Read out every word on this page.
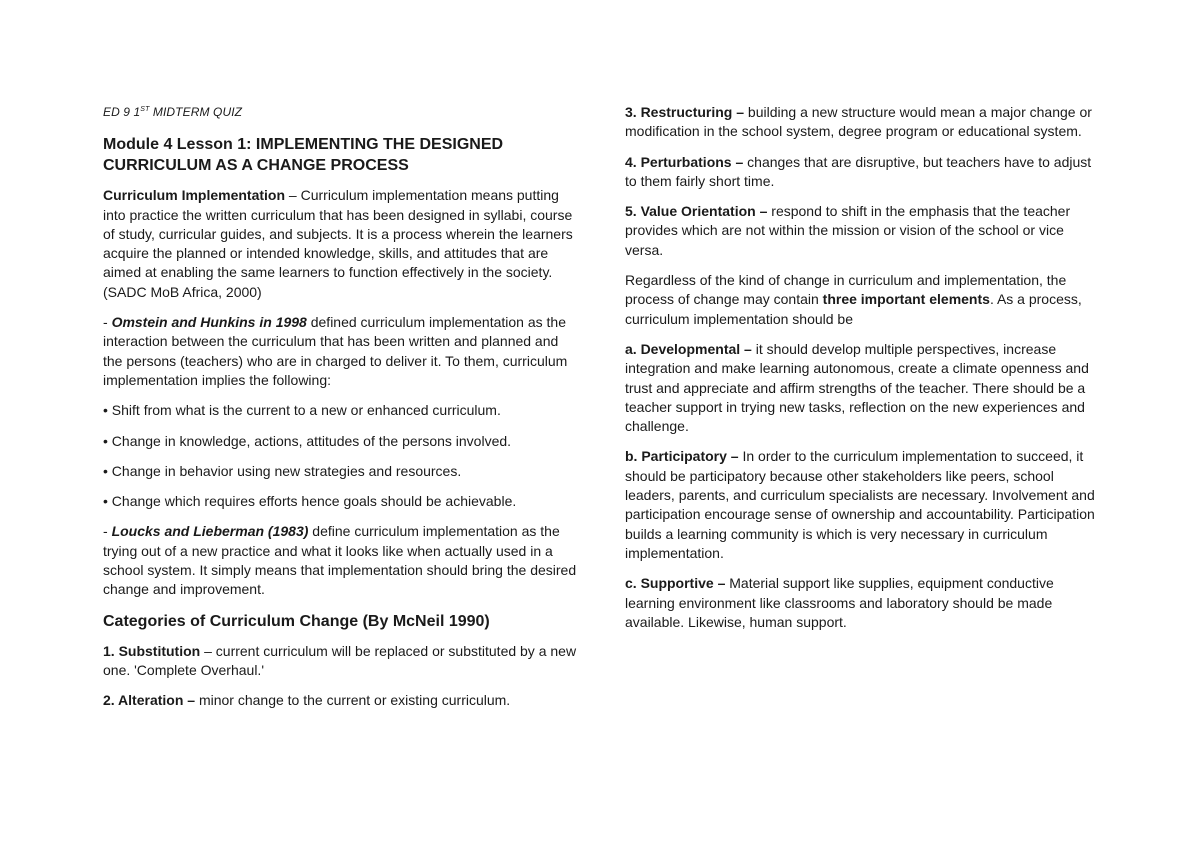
ED 9 1ST MIDTERM QUIZ
Module 4 Lesson 1: IMPLEMENTING THE DESIGNED CURRICULUM AS A CHANGE PROCESS

Curriculum Implementation – Curriculum implementation means putting into practice the written curriculum that has been designed in syllabi, course of study, curricular guides, and subjects. It is a process wherein the learners acquire the planned or intended knowledge, skills, and attitudes that are aimed at enabling the same learners to function effectively in the society. (SADC MoB Africa, 2000)

- Omstein and Hunkins in 1998 defined curriculum implementation as the interaction between the curriculum that has been written and planned and the persons (teachers) who are in charged to deliver it. To them, curriculum implementation implies the following:

• Shift from what is the current to a new or enhanced curriculum.

• Change in knowledge, actions, attitudes of the persons involved.

• Change in behavior using new strategies and resources.

• Change which requires efforts hence goals should be achievable.

- Loucks and Lieberman (1983) define curriculum implementation as the trying out of a new practice and what it looks like when actually used in a school system. It simply means that implementation should bring the desired change and improvement.

Categories of Curriculum Change (By McNeil 1990)

1. Substitution – current curriculum will be replaced or substituted by a new one. 'Complete Overhaul.'

2. Alteration – minor change to the current or existing curriculum.

3. Restructuring – building a new structure would mean a major change or modification in the school system, degree program or educational system.

4. Perturbations – changes that are disruptive, but teachers have to adjust to them fairly short time.

5. Value Orientation – respond to shift in the emphasis that the teacher provides which are not within the mission or vision of the school or vice versa.

Regardless of the kind of change in curriculum and implementation, the process of change may contain three important elements. As a process, curriculum implementation should be

a. Developmental – it should develop multiple perspectives, increase integration and make learning autonomous, create a climate openness and trust and appreciate and affirm strengths of the teacher. There should be a teacher support in trying new tasks, reflection on the new experiences and challenge.

b. Participatory – In order to the curriculum implementation to succeed, it should be participatory because other stakeholders like peers, school leaders, parents, and curriculum specialists are necessary. Involvement and participation encourage sense of ownership and accountability. Participation builds a learning community is which is very necessary in curriculum implementation.

c. Supportive – Material support like supplies, equipment conductive learning environment like classrooms and laboratory should be made available. Likewise, human support.
